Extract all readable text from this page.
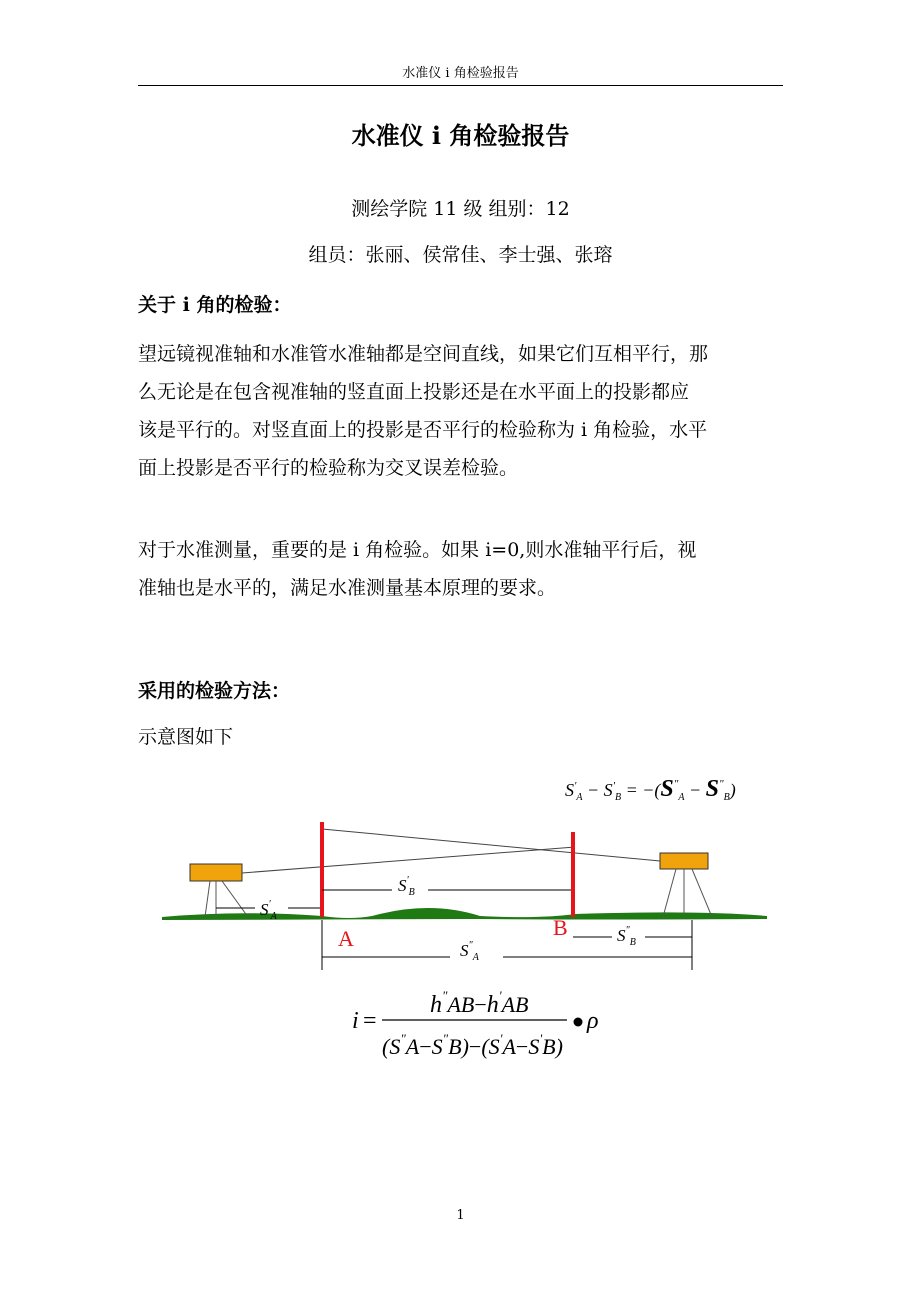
水准仪 i 角检验报告
水准仪 i 角检验报告
测绘学院 11 级 组别：12
组员：张丽、侯常佳、李士强、张瑢
关于 i 角的检验：
望远镜视准轴和水准管水准轴都是空间直线，如果它们互相平行，那
么无论是在包含视准轴的竖直面上投影还是在水平面上的投影都应
该是平行的。对竖直面上的投影是否平行的检验称为 i 角检验，水平
面上投影是否平行的检验称为交叉误差检验。
对于水准测量，重要的是 i 角检验。如果 i=0,则水准轴平行后，视
准轴也是水平的，满足水准测量基本原理的要求。
采用的检验方法：
示意图如下
$S'_A - S'_B = -(S^"_A - S^"_B)$
A	B
$S'_A$
$S'_B$
$S^"_B$
$S^"_A$
i =
h"AB−h'AB
(S"A−S"B)−(S'A−S'B)
ρ
1
